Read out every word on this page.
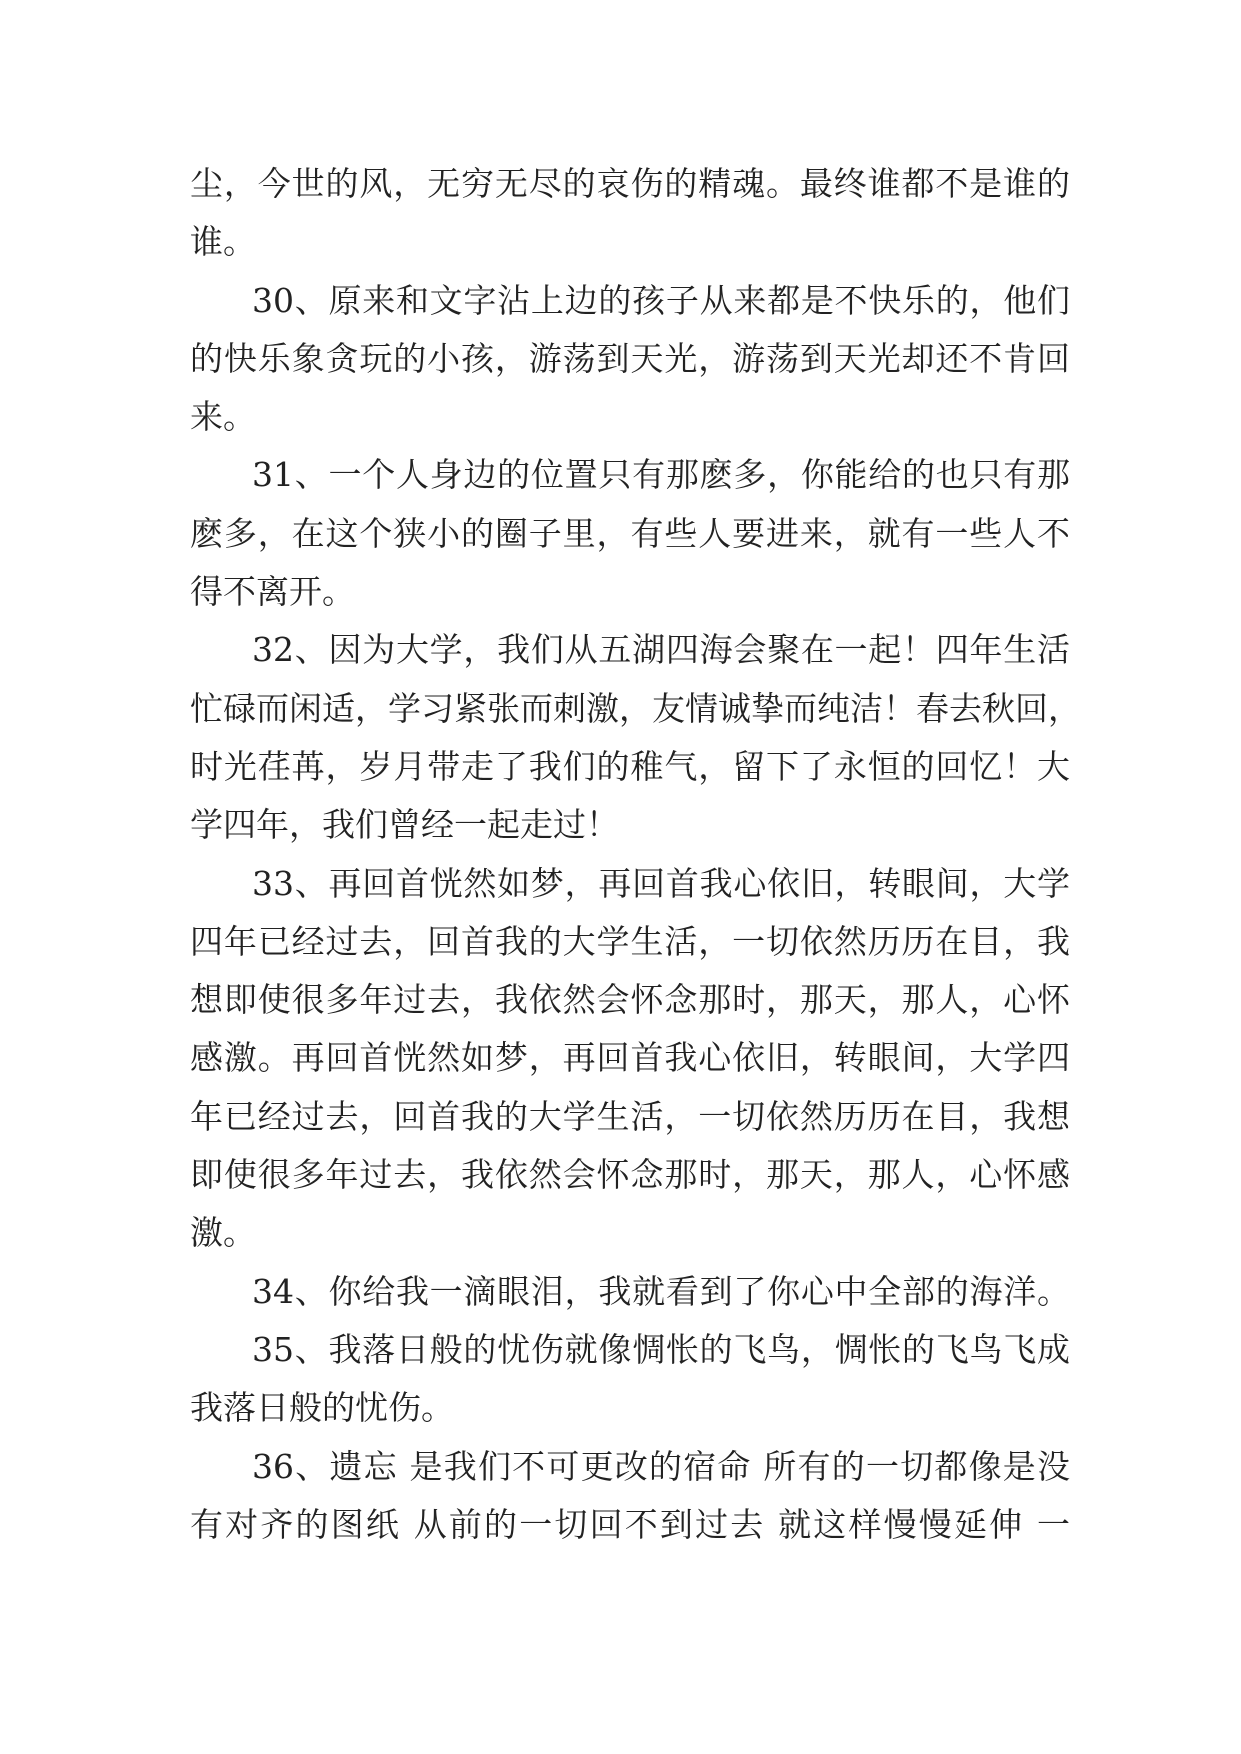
尘，今世的风，无穷无尽的哀伤的精魂。最终谁都不是谁的
谁。
30、原来和文字沾上边的孩子从来都是不快乐的，他们
的快乐象贪玩的小孩，游荡到天光，游荡到天光却还不肯回
来。
31、一个人身边的位置只有那麽多，你能给的也只有那
麽多，在这个狭小的圈子里，有些人要进来，就有一些人不
得不离开。
32、因为大学，我们从五湖四海会聚在一起！四年生活
忙碌而闲适，学习紧张而刺激，友情诚挚而纯洁！春去秋回，
时光荏苒，岁月带走了我们的稚气，留下了永恒的回忆！大
学四年，我们曾经一起走过！
33、再回首恍然如梦，再回首我心依旧，转眼间，大学
四年已经过去，回首我的大学生活，一切依然历历在目，我
想即使很多年过去，我依然会怀念那时，那天，那人，心怀
感激。再回首恍然如梦，再回首我心依旧，转眼间，大学四
年已经过去，回首我的大学生活，一切依然历历在目，我想
即使很多年过去，我依然会怀念那时，那天，那人，心怀感
激。
34、你给我一滴眼泪，我就看到了你心中全部的海洋。
35、我落日般的忧伤就像惆怅的飞鸟，惆怅的飞鸟飞成
我落日般的忧伤。
36、遗忘 是我们不可更改的宿命 所有的一切都像是没
有对齐的图纸 从前的一切回不到过去 就这样慢慢延伸 一
